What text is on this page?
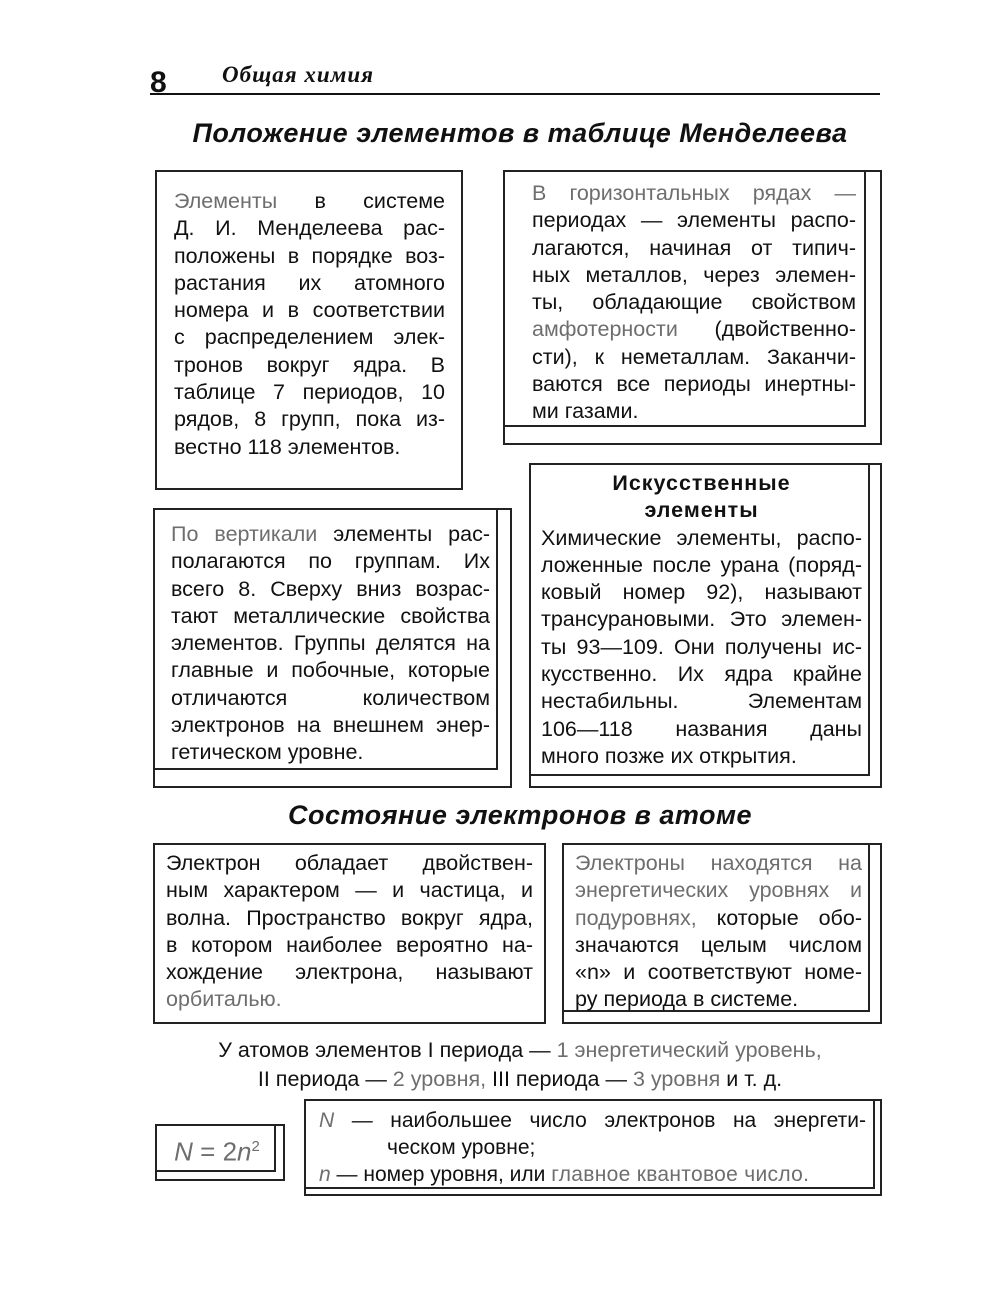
8 Общая химия
Положение элементов в таблице Менделеева
Элементы в системе
Д. И. Менделеева рас-
положены в порядке воз-
растания их атомного
номера и в соответствии
с распределением элек-
тронов вокруг ядра. В
таблице 7 периодов, 10
рядов, 8 групп, пока из-
вестно 118 элементов.
В горизонтальных рядах —
периодах — элементы распо-
лагаются, начиная от типич-
ных металлов, через элемен-
ты, обладающие свойством
амфотерности (двойственно-
сти), к неметаллам. Заканчи-
ваются все периоды инертны-
ми газами.
По вертикали элементы рас-
полагаются по группам. Их
всего 8. Сверху вниз возрас-
тают металлические свойства
элементов. Группы делятся на
главные и побочные, которые
отличаются количеством
электронов на внешнем энер-
гетическом уровне.
Искусственные
элементы
Химические элементы, распо-
ложенные после урана (поряд-
ковый номер 92), называют
трансурановыми. Это элемен-
ты 93—109. Они получены ис-
кусственно. Их ядра крайне
нестабильны. Элементам
106—118 названия даны
много позже их открытия.
Состояние электронов в атоме
Электрон обладает двойствен-
ным характером — и частица, и
волна. Пространство вокруг ядра,
в котором наиболее вероятно на-
хождение электрона, называют
орбиталью.
Электроны находятся на
энергетических уровнях и
подуровнях, которые обо-
значаются целым числом
«n» и соответствуют номе-
ру периода в системе.
У атомов элементов I периода — 1 энергетический уровень,
II периода — 2 уровня, III периода — 3 уровня и т. д.
$N = 2n^2$
N — наибольшее число электронов на энергети-
ческом уровне;
n — номер уровня, или главное квантовое число.
